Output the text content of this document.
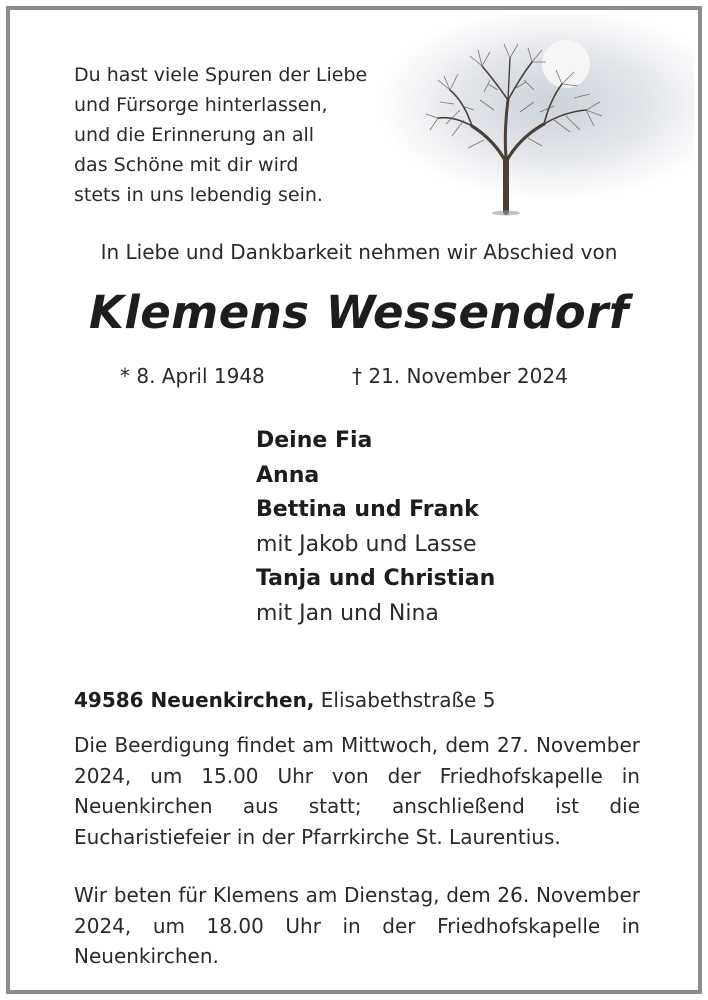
Du hast viele Spuren der Liebe
und Fürsorge hinterlassen,
und die Erinnerung an all
das Schöne mit dir wird
stets in uns lebendig sein.
In Liebe und Dankbarkeit nehmen wir Abschied von
Klemens Wessendorf
* 8. April 1948	† 21. November 2024
Deine Fia
Anna
Bettina und Frank
mit Jakob und Lasse
Tanja und Christian
mit Jan und Nina
49586 Neuenkirchen, Elisabethstraße 5
Die Beerdigung findet am Mittwoch, dem 27. November 2024, um 15.00 Uhr von der Friedhofskapelle in Neuenkirchen aus statt; anschließend ist die Eucharistiefeier in der Pfarrkirche St. Laurentius.
Wir beten für Klemens am Dienstag, dem 26. November 2024, um 18.00 Uhr in der Friedhofskapelle in Neuenkirchen.
